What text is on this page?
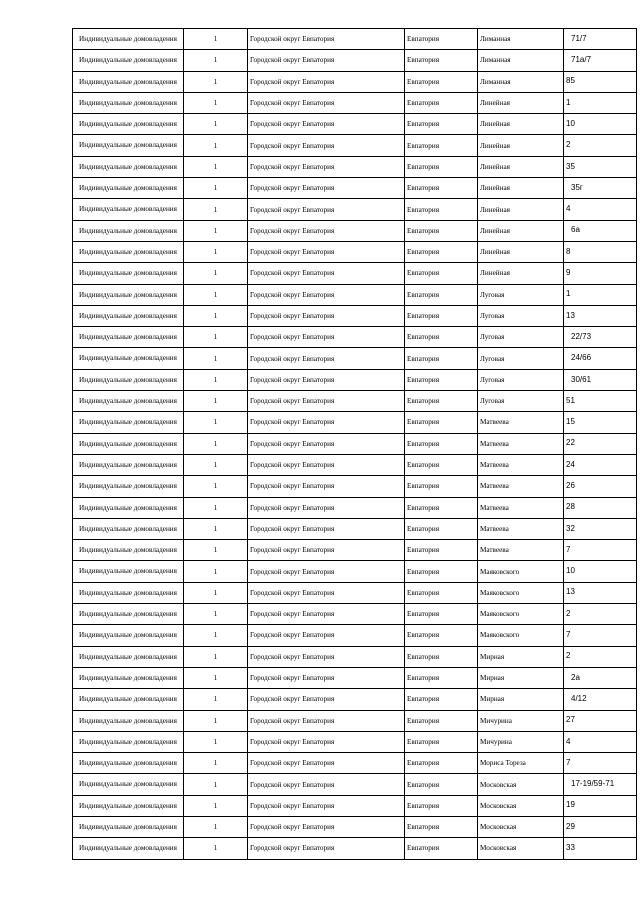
Индивидуальные домовладения	1	Городской округ Евпатория	Евпатория	Лиманная	71/7
Индивидуальные домовладения	1	Городской округ Евпатория	Евпатория	Лиманная	71а/7
Индивидуальные домовладения	1	Городской округ Евпатория	Евпатория	Лиманная	85
Индивидуальные домовладения	1	Городской округ Евпатория	Евпатория	Линейная	1
Индивидуальные домовладения	1	Городской округ Евпатория	Евпатория	Линейная	10
Индивидуальные домовладения	1	Городской округ Евпатория	Евпатория	Линейная	2
Индивидуальные домовладения	1	Городской округ Евпатория	Евпатория	Линейная	35
Индивидуальные домовладения	1	Городской округ Евпатория	Евпатория	Линейная	35г
Индивидуальные домовладения	1	Городской округ Евпатория	Евпатория	Линейная	4
Индивидуальные домовладения	1	Городской округ Евпатория	Евпатория	Линейная	6а
Индивидуальные домовладения	1	Городской округ Евпатория	Евпатория	Линейная	8
Индивидуальные домовладения	1	Городской округ Евпатория	Евпатория	Линейная	9
Индивидуальные домовладения	1	Городской округ Евпатория	Евпатория	Луговая	1
Индивидуальные домовладения	1	Городской округ Евпатория	Евпатория	Луговая	13
Индивидуальные домовладения	1	Городской округ Евпатория	Евпатория	Луговая	22/73
Индивидуальные домовладения	1	Городской округ Евпатория	Евпатория	Луговая	24/66
Индивидуальные домовладения	1	Городской округ Евпатория	Евпатория	Луговая	30/61
Индивидуальные домовладения	1	Городской округ Евпатория	Евпатория	Луговая	51
Индивидуальные домовладения	1	Городской округ Евпатория	Евпатория	Матвеева	15
Индивидуальные домовладения	1	Городской округ Евпатория	Евпатория	Матвеева	22
Индивидуальные домовладения	1	Городской округ Евпатория	Евпатория	Матвеева	24
Индивидуальные домовладения	1	Городской округ Евпатория	Евпатория	Матвеева	26
Индивидуальные домовладения	1	Городской округ Евпатория	Евпатория	Матвеева	28
Индивидуальные домовладения	1	Городской округ Евпатория	Евпатория	Матвеева	32
Индивидуальные домовладения	1	Городской округ Евпатория	Евпатория	Матвеева	7
Индивидуальные домовладения	1	Городской округ Евпатория	Евпатория	Маяковского	10
Индивидуальные домовладения	1	Городской округ Евпатория	Евпатория	Маяковского	13
Индивидуальные домовладения	1	Городской округ Евпатория	Евпатория	Маяковского	2
Индивидуальные домовладения	1	Городской округ Евпатория	Евпатория	Маяковского	7
Индивидуальные домовладения	1	Городской округ Евпатория	Евпатория	Мирная	2
Индивидуальные домовладения	1	Городской округ Евпатория	Евпатория	Мирная	2а
Индивидуальные домовладения	1	Городской округ Евпатория	Евпатория	Мирная	4/12
Индивидуальные домовладения	1	Городской округ Евпатория	Евпатория	Мичурина	27
Индивидуальные домовладения	1	Городской округ Евпатория	Евпатория	Мичурина	4
Индивидуальные домовладения	1	Городской округ Евпатория	Евпатория	Мориса Тореза	7
Индивидуальные домовладения	1	Городской округ Евпатория	Евпатория	Московская	17-19/59-71
Индивидуальные домовладения	1	Городской округ Евпатория	Евпатория	Московская	19
Индивидуальные домовладения	1	Городской округ Евпатория	Евпатория	Московская	29
Индивидуальные домовладения	1	Городской округ Евпатория	Евпатория	Московская	33
